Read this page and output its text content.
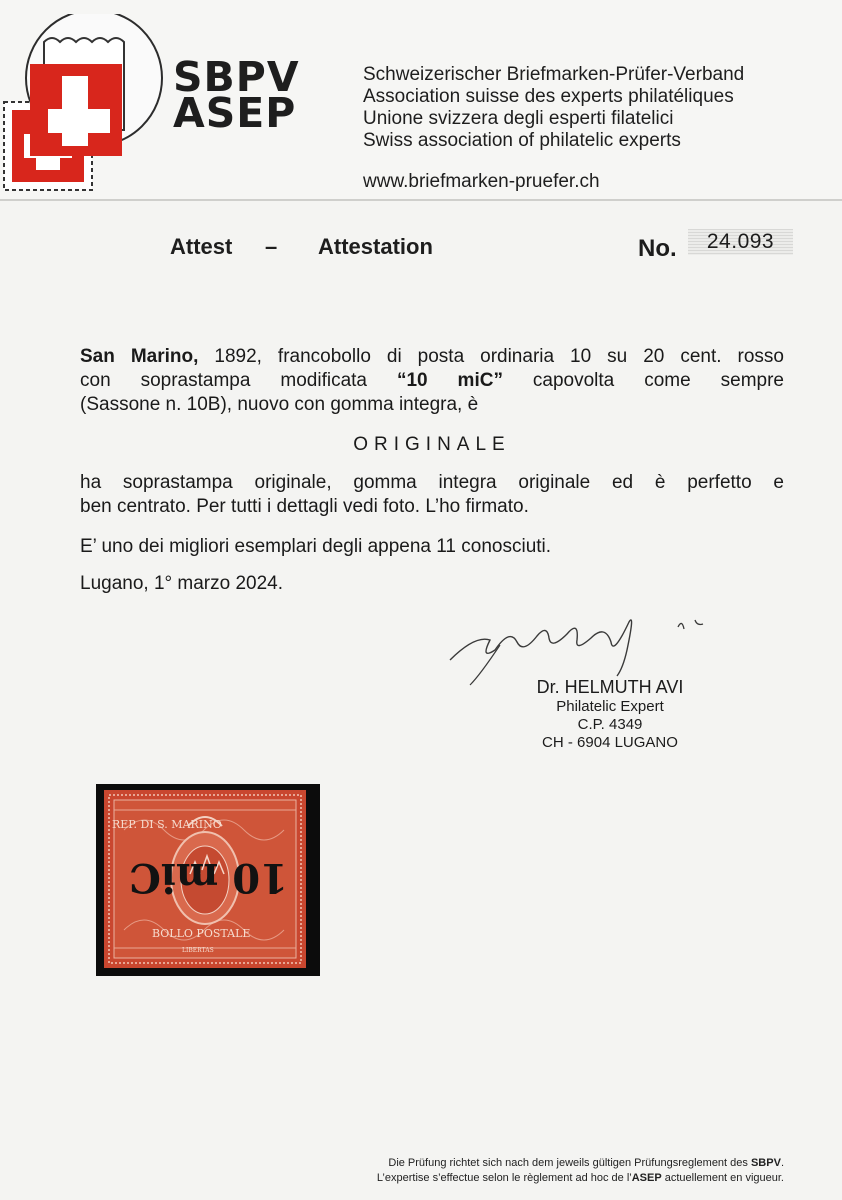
SBPV
ASEP
Schweizerischer Briefmarken-Prüfer-Verband
Association suisse des experts philatéliques
Unione svizzera degli esperti filatelici
Swiss association of philatelic experts
www.briefmarken-pruefer.ch
Attest – Attestation	No.	24.093
San Marino, 1892, francobollo di posta ordinaria 10 su 20 cent. rosso
con soprastampa modificata “10 miC” capovolta come sempre
(Sassone n. 10B), nuovo con gomma integra, è
ORIGINALE
ha soprastampa originale, gomma integra originale ed è perfetto e
ben centrato. Per tutti i dettagli vedi foto. L’ho firmato.
E’ uno dei migliori esemplari degli appena 11 conosciuti.
Lugano, 1° marzo 2024.
Dr. HELMUTH AVI
Philatelic Expert
C.P. 4349
CH - 6904 LUGANO
REP. DI S. MARINO
BOLLO POSTALE
LIBERTAS
10 miC
Die Prüfung richtet sich nach dem jeweils gültigen Prüfungsreglement des SBPV.
L’expertise s’effectue selon le règlement ad hoc de l’ASEP actuellement en vigueur.
